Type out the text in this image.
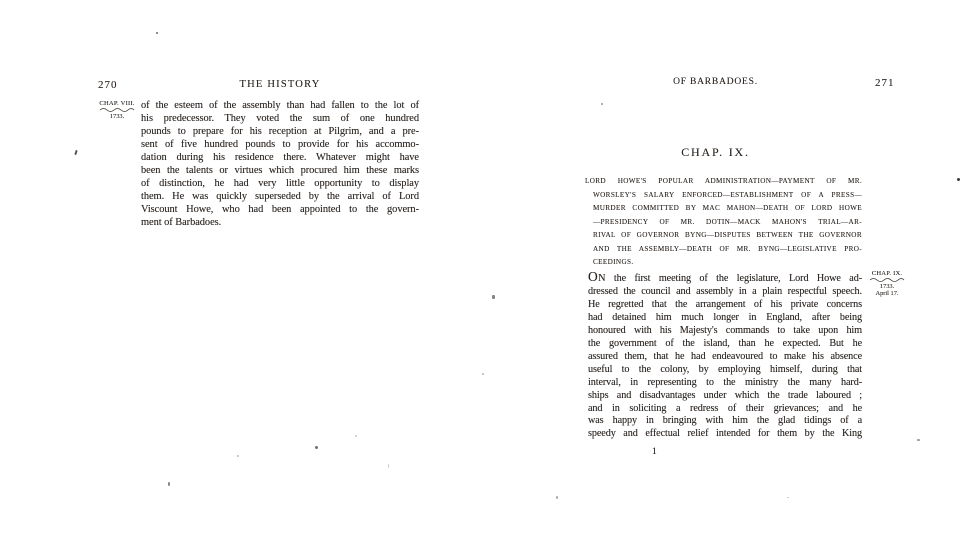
270	THE HISTORY
CHAP. VIII.
1733.
of the esteem of the assembly than had fallen to the lot of
his predecessor. They voted the sum of one hundred
pounds to prepare for his reception at Pilgrim, and a pre-
sent of five hundred pounds to provide for his accommo-
dation during his residence there. Whatever might have
been the talents or virtues which procured him these marks
of distinction, he had very little opportunity to display
them. He was quickly superseded by the arrival of Lord
Viscount Howe, who had been appointed to the govern-
ment of Barbadoes.
OF BARBADOES.	271
CHAP. IX.
LORD HOWE'S POPULAR ADMINISTRATION—PAYMENT OF MR.
WORSLEY'S SALARY ENFORCED—ESTABLISHMENT OF A PRESS—
MURDER COMMITTED BY MAC MAHON—DEATH OF LORD HOWE
—PRESIDENCY OF MR. DOTIN—MACK MAHON'S TRIAL—AR-
RIVAL OF GOVERNOR BYNG—DISPUTES BETWEEN THE GOVERNOR
AND THE ASSEMBLY—DEATH OF MR. BYNG—LEGISLATIVE PRO-
CEEDINGS.
CHAP. IX.
1733.
April 17.
ON the first meeting of the legislature, Lord Howe ad-
dressed the council and assembly in a plain respectful speech.
He regretted that the arrangement of his private concerns
had detained him much longer in England, after being
honoured with his Majesty's commands to take upon him
the government of the island, than he expected. But he
assured them, that he had endeavoured to make his absence
useful to the colony, by employing himself, during that
interval, in representing to the ministry the many hard-
ships and disadvantages under which the trade laboured ;
and in soliciting a redress of their grievances; and he
was happy in bringing with him the glad tidings of a
speedy and effectual relief intended for them by the King
1
